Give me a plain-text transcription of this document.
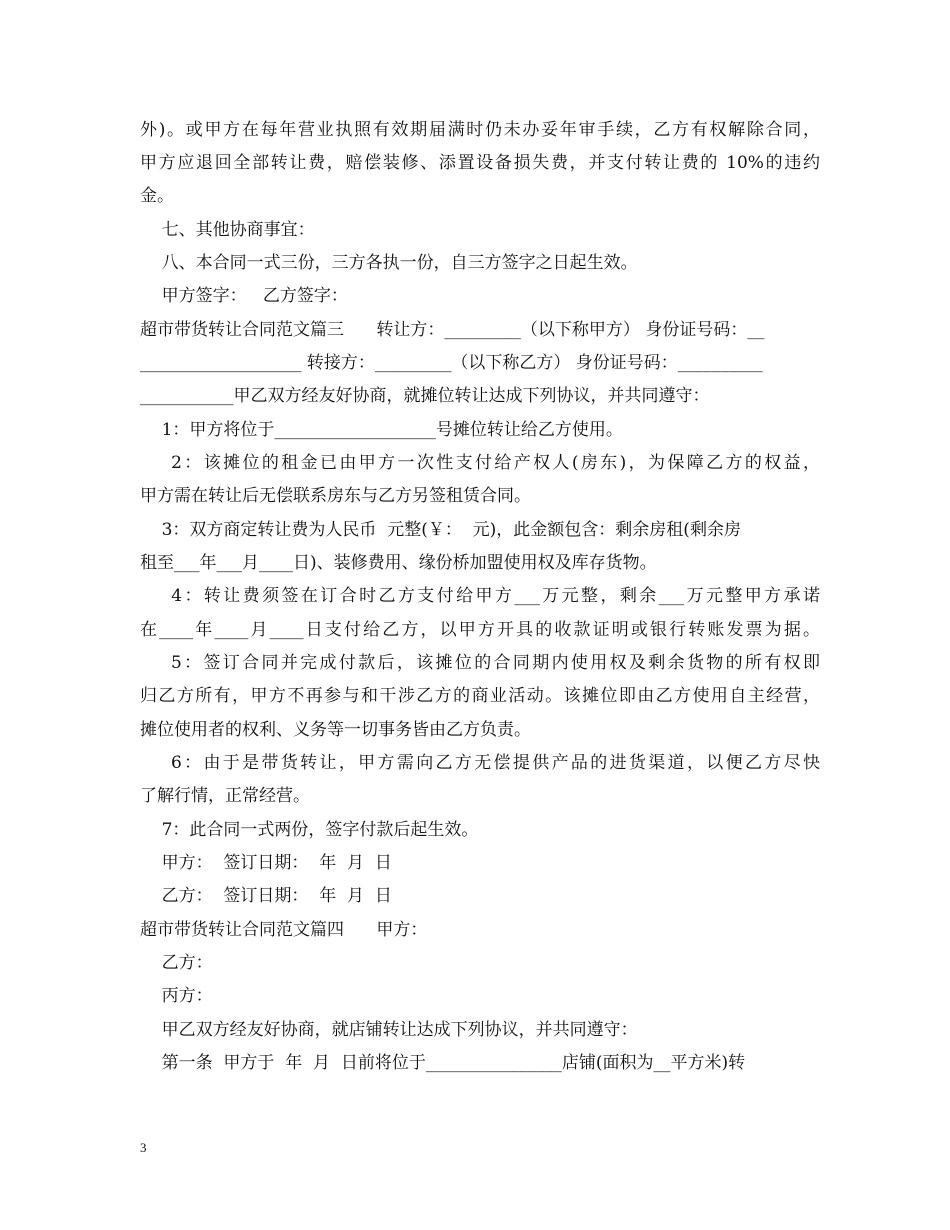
外)。或甲方在每年营业执照有效期届满时仍未办妥年审手续，乙方有权解除合同，
甲方应退回全部转让费，赔偿装修、添置设备损失费，并支付转让费的 10%的违约
金。
七、其他协商事宜：
八、本合同一式三份，三方各执一份，自三方签字之日起生效。
甲方签字：   乙方签字：
超市带货转让合同范文篇三      转让方：_________（以下称甲方） 身份证号码：__
___________________ 转接方：_________（以下称乙方） 身份证号码：__________
___________甲乙双方经友好协商，就摊位转让达成下列协议，并共同遵守：
1：甲方将位于___________________号摊位转让给乙方使用。
2：该摊位的租金已由甲方一次性支付给产权人(房东)，为保障乙方的权益，
甲方需在转让后无偿联系房东与乙方另签租赁合同。
3：双方商定转让费为人民币  元整(￥：  元)，此金额包含：剩余房租(剩余房
租至___年___月____日)、装修费用、缘份桥加盟使用权及库存货物。
4：转让费须签在订合时乙方支付给甲方___万元整，剩余___万元整甲方承诺
在____年____月____日支付给乙方，以甲方开具的收款证明或银行转账发票为据。
5：签订合同并完成付款后，该摊位的合同期内使用权及剩余货物的所有权即
归乙方所有，甲方不再参与和干涉乙方的商业活动。该摊位即由乙方使用自主经营，
摊位使用者的权利、义务等一切事务皆由乙方负责。
6：由于是带货转让，甲方需向乙方无偿提供产品的进货渠道，以便乙方尽快
了解行情，正常经营。
7：此合同一式两份，签字付款后起生效。
甲方：  签订日期：  年  月  日
乙方：  签订日期：  年  月  日
超市带货转让合同范文篇四      甲方：
乙方：
丙方：
甲乙双方经友好协商，就店铺转让达成下列协议，并共同遵守：
第一条  甲方于  年  月  日前将位于________________店铺(面积为__平方米)转
3
